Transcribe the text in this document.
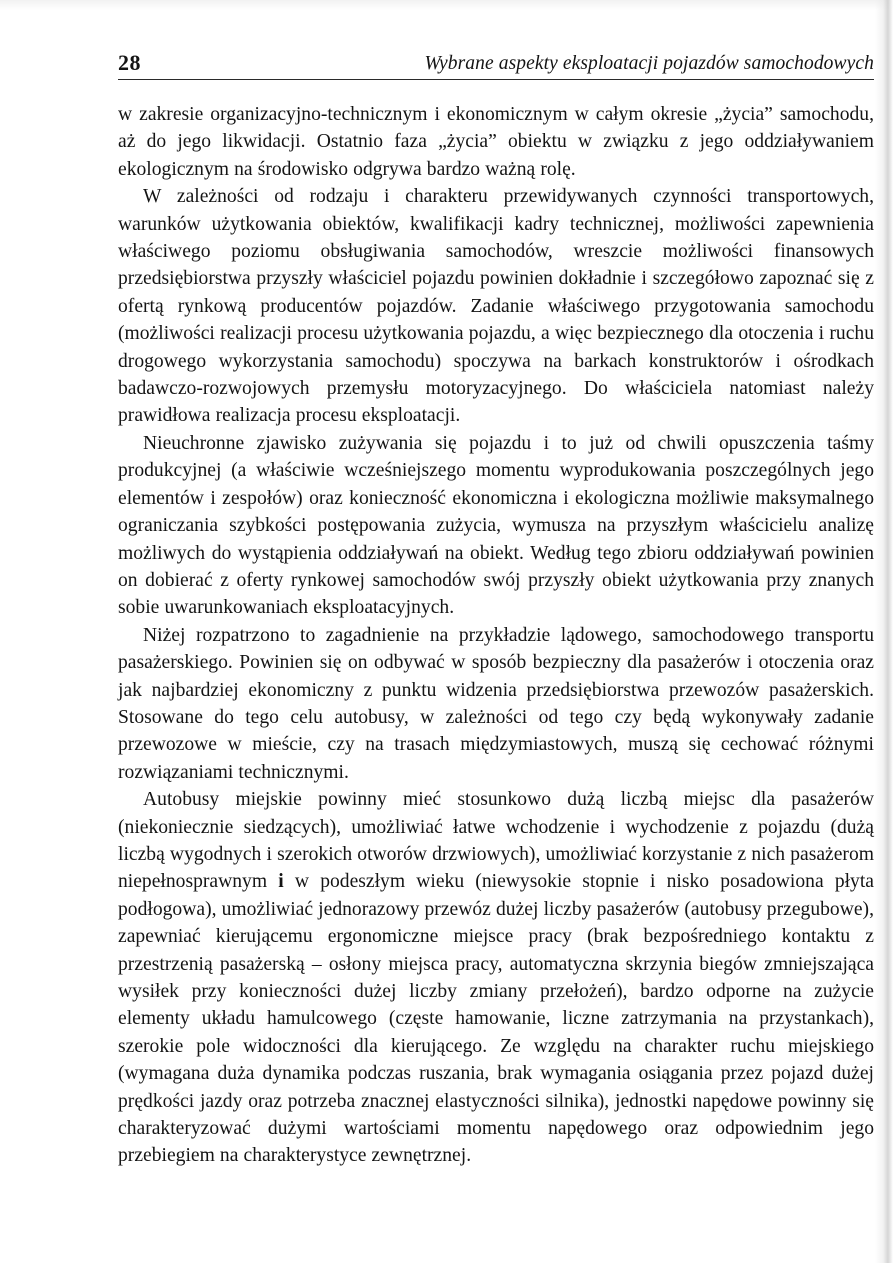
28	Wybrane aspekty eksploatacji pojazdów samochodowych

w zakresie organizacyjno-technicznym i ekonomicznym w całym okresie „życia” samochodu, aż do jego likwidacji. Ostatnio faza „życia” obiektu w związku z jego oddziaływaniem ekologicznym na środowisko odgrywa bardzo ważną rolę.

W zależności od rodzaju i charakteru przewidywanych czynności transportowych, warunków użytkowania obiektów, kwalifikacji kadry technicznej, możliwości zapewnienia właściwego poziomu obsługiwania samochodów, wreszcie możliwości finansowych przedsiębiorstwa przyszły właściciel pojazdu powinien dokładnie i szczegółowo zapoznać się z ofertą rynkową producentów pojazdów. Zadanie właściwego przygotowania samochodu (możliwości realizacji procesu użytkowania pojazdu, a więc bezpiecznego dla otoczenia i ruchu drogowego wykorzystania samochodu) spoczywa na barkach konstruktorów i ośrodkach badawczo-rozwojowych przemysłu motoryzacyjnego. Do właściciela natomiast należy prawidłowa realizacja procesu eksploatacji.

Nieuchronne zjawisko zużywania się pojazdu i to już od chwili opuszczenia taśmy produkcyjnej (a właściwie wcześniejszego momentu wyprodukowania poszczególnych jego elementów i zespołów) oraz konieczność ekonomiczna i ekologiczna możliwie maksymalnego ograniczania szybkości postępowania zużycia, wymusza na przyszłym właścicielu analizę możliwych do wystąpienia oddziaływań na obiekt. Według tego zbioru oddziaływań powinien on dobierać z oferty rynkowej samochodów swój przyszły obiekt użytkowania przy znanych sobie uwarunkowaniach eksploatacyjnych.

Niżej rozpatrzono to zagadnienie na przykładzie lądowego, samochodowego transportu pasażerskiego. Powinien się on odbywać w sposób bezpieczny dla pasażerów i otoczenia oraz jak najbardziej ekonomiczny z punktu widzenia przedsiębiorstwa przewozów pasażerskich. Stosowane do tego celu autobusy, w zależności od tego czy będą wykonywały zadanie przewozowe w mieście, czy na trasach międzymiastowych, muszą się cechować różnymi rozwiązaniami technicznymi.

Autobusy miejskie powinny mieć stosunkowo dużą liczbą miejsc dla pasażerów (niekoniecznie siedzących), umożliwiać łatwe wchodzenie i wychodzenie z pojazdu (dużą liczbą wygodnych i szerokich otworów drzwiowych), umożliwiać korzystanie z nich pasażerom niepełnosprawnym i w podeszłym wieku (niewysokie stopnie i nisko posadowiona płyta podłogowa), umożliwiać jednorazowy przewóz dużej liczby pasażerów (autobusy przegubowe), zapewniać kierującemu ergonomiczne miejsce pracy (brak bezpośredniego kontaktu z przestrzenią pasażerską – osłony miejsca pracy, automatyczna skrzynia biegów zmniejszająca wysiłek przy konieczności dużej liczby zmiany przełożeń), bardzo odporne na zużycie elementy układu hamulcowego (częste hamowanie, liczne zatrzymania na przystankach), szerokie pole widoczności dla kierującego. Ze względu na charakter ruchu miejskiego (wymagana duża dynamika podczas ruszania, brak wymagania osiągania przez pojazd dużej prędkości jazdy oraz potrzeba znacznej elastyczności silnika), jednostki napędowe powinny się charakteryzować dużymi wartościami momentu napędowego oraz odpowiednim jego przebiegiem na charakterystyce zewnętrznej.
